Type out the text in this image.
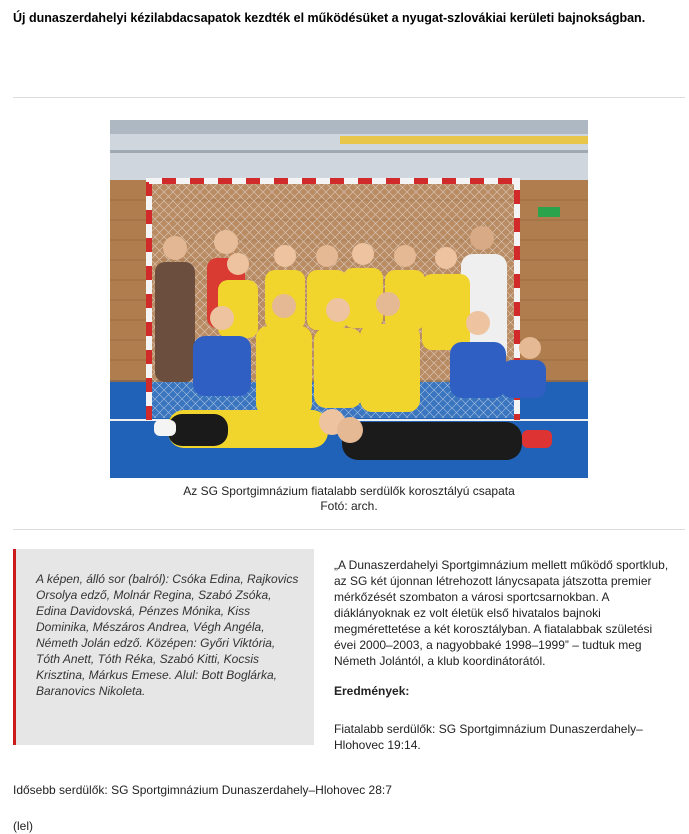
Új dunaszerdahelyi kézilabdacsapatok kezdték el működésüket a nyugat-szlovákiai kerületi bajnokságban.
Az SG Sportgimnázium fiatalabb serdülők korosztályú csapata
Fotó: arch.
A képen, álló sor (balról): Csóka Edina, Rajkovics Orsolya edző, Molnár Regina, Szabó Zsóka, Edina Davidovská, Pénzes Mónika, Kiss Dominika, Mészáros Andrea, Végh Angéla, Németh Jolán edző. Középen: Győri Viktória, Tóth Anett, Tóth Réka, Szabó Kitti, Kocsis Krisztina, Márkus Emese. Alul: Bott Boglárka, Baranovics Nikoleta.

„A Dunaszerdahelyi Sportgimnázium mellett működő sportklub, az SG két újonnan létrehozott lánycsapata játszotta premier mérkőzését szombaton a városi sportcsarnokban. A diáklányoknak ez volt életük első hivatalos bajnoki megmérettetése a két korosztályban. A fiatalabbak születési évei 2000–2003, a nagyobbaké 1998–1999” – tudtuk meg Németh Jolántól, a klub koordinátorától.

Eredmények:

Fiatalabb serdülők: SG Sportgimnázium Dunaszerdahely–Hlohovec 19:14.

Idősebb serdülők: SG Sportgimnázium Dunaszerdahely–Hlohovec 28:7
(lel)
